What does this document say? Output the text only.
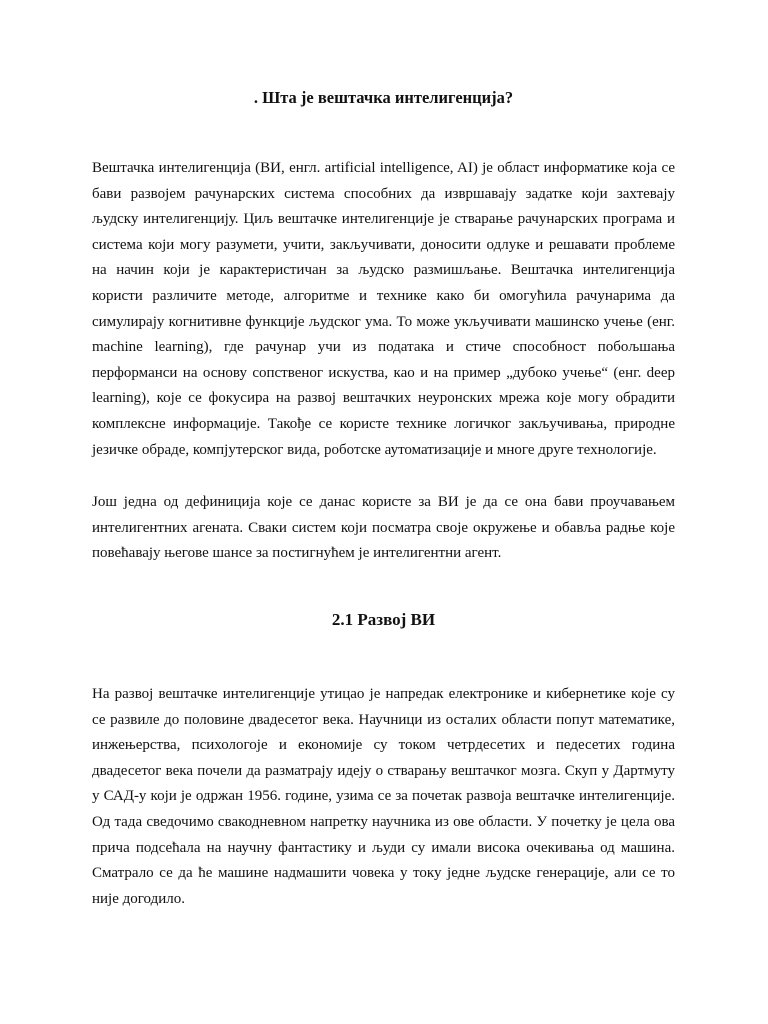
. Шта је вештачка интелигенција?

Вештачка интелигенција (ВИ, енгл. artificial intelligence, AI) је област информатике која се бави развојем рачунарских система способних да извршавају задатке који захтевају људску интелигенцију. Циљ вештачке интелигенције је стварање рачунарских програма и система који могу разумети, учити, закључивати, доносити одлуке и решавати проблеме на начин који је карактеристичан за људско размишљање. Вештачка интелигенција користи различите методе, алгоритме и технике како би омогућила рачунарима да симулирају когнитивне функције људског ума. То може укључивати машинско учење (енг. machine learning), где рачунар учи из података и стиче способност побољшања перформанси на основу сопственог искуства, као и на пример „дубоко учење“ (енг. deep learning), које се фокусира на развој вештачких неуронских мрежа које могу обрадити комплексне информације. Такође се користе технике логичког закључивања, природне језичке обраде, компјутерског вида, роботске аутоматизације и многе друге технологије.

Још једна од дефиниција које се данас користе за ВИ је да се она бави проучавањем интелигентних агената. Сваки систем који посматра своје окружење и обавља радње које повећавају његове шансе за постигнућем је интелигентни агент.

2.1 Развој ВИ

На развој вештачке интелигенције утицао је напредак електронике и кибернетике које су се развиле до половине двадесетог века. Научници из осталих области попут математике, инжењерства, психологоје и економије су током четрдесетих и педесетих година двадесетог века почели да разматрају идеју о стварању вештачког мозга. Скуп у Дартмуту у САД-у који је одржан 1956. године, узима се за почетак развоја вештачке интелигенције. Од тада сведочимо свакодневном напретку научника из ове области. У почетку је цела ова прича подсећала на научну фантастику и људи су имали висока очекивања од машина. Сматрало се да ће машине надмашити човека у току једне људске генерације, али се то није догодило.
